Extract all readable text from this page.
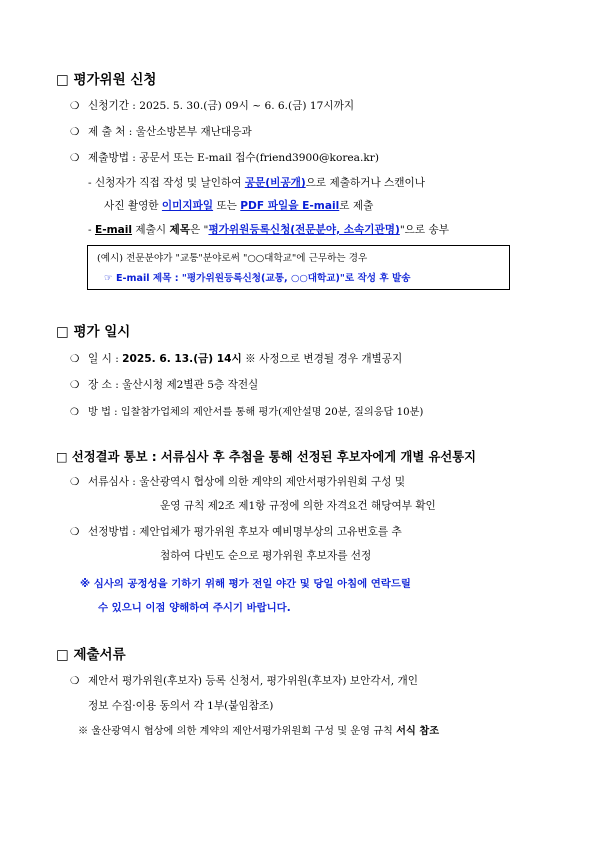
□ 평가위원 신청
❍ 신청기간 : 2025. 5. 30.(금) 09시 ~ 6. 6.(금) 17시까지
❍ 제 출 처 : 울산소방본부 재난대응과
❍ 제출방법 : 공문서 또는 E-mail 접수(friend3900@korea.kr)
- 신청자가 직접 작성 및 날인하여 공문(비공개)으로 제출하거나 스캔이나
사진 촬영한 이미지파일 또는 PDF 파일을 E-mail로 제출
- E-mail 제출시 제목은 "평가위원등록신청(전문분야, 소속기관명)"으로 송부
(예시) 전문분야가 "교통"분야로써 "○○대학교"에 근무하는 경우
☞ E-mail 제목 : "평가위원등록신청(교통, ○○대학교)"로 작성 후 발송
□ 평가 일시
❍ 일 시 : 2025. 6. 13.(금) 14시 ※ 사정으로 변경될 경우 개별공지
❍ 장 소 : 울산시청 제2별관 5층 작전실
❍ 방 법 : 입찰참가업체의 제안서를 통해 평가(제안설명 20분, 질의응답 10분)
□ 선정결과 통보 : 서류심사 후 추첨을 통해 선정된 후보자에게 개별 유선통지
❍ 서류심사 : 울산광역시 협상에 의한 계약의 제안서평가위원회 구성 및
운영 규칙 제2조 제1항 규정에 의한 자격요건 해당여부 확인
❍ 선정방법 : 제안업체가 평가위원 후보자 예비명부상의 고유번호를 추
첨하여 다빈도 순으로 평가위원 후보자를 선정
※ 심사의 공정성을 기하기 위해 평가 전일 야간 및 당일 아침에 연락드릴
수 있으니 이점 양해하여 주시기 바랍니다.
□ 제출서류
❍ 제안서 평가위원(후보자) 등록 신청서, 평가위원(후보자) 보안각서, 개인
정보 수집·이용 동의서 각 1부(붙임참조)
※ 울산광역시 협상에 의한 계약의 제안서평가위원회 구성 및 운영 규칙 서식 참조
